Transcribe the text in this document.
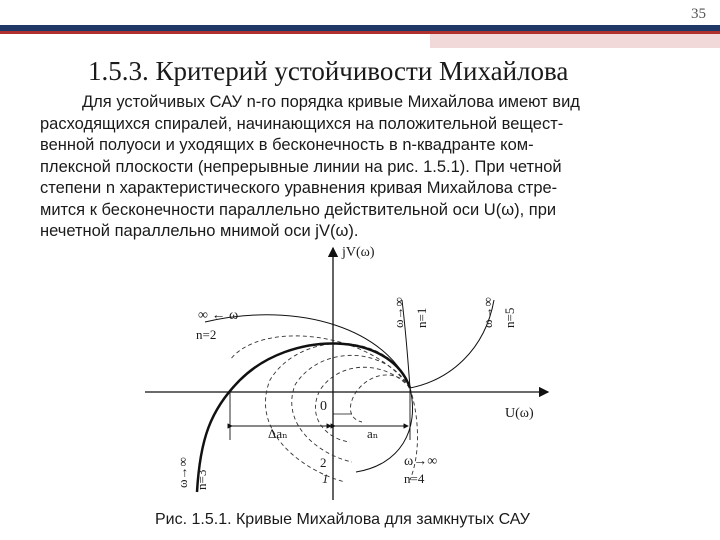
35
1.5.3. Критерий устойчивости Михайлова

Для устойчивых САУ n-го порядка кривые Михайлова имеют вид

расходящихся спиралей, начинающихся на положительной вещест-

венной полуоси и уходящих в бесконечность в n-квадранте ком-

плексной плоскости (непрерывные линии на рис. 1.5.1). При четной

степени n характеристического уравнения кривая Михайлова стре-

мится к бесконечности параллельно действительной оси U(ω), при

нечетной параллельно мнимой оси jV(ω).

jV(ω)
U(ω)
0
Δaₙ	aₙ
∞ ← ω
n=2
ω→∞ n=1	ω→∞ n=5
ω→∞ n=3
ω→∞
n=4
2
1
Рис. 1.5.1. Кривые Михайлова для замкнутых САУ
